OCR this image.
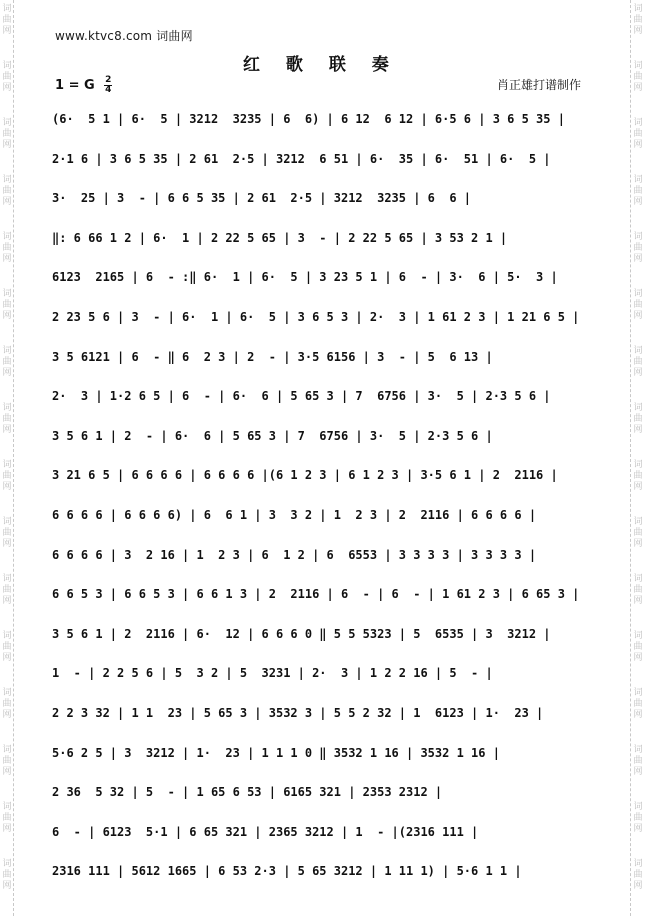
词
曲
网
词
曲
网
词
曲
网
词
曲
网
词
曲
网
词
曲
网
词
曲
网
词
曲
网
词
曲
网
词
曲
网
词
曲
网
词
曲
网
词
曲
网
词
曲
网
词
曲
网
词
曲
网
词
曲
网
词
曲
网
词
曲
网
词
曲
网
词
曲
网
词
曲
网
词
曲
网
词
曲
网
词
曲
网
词
曲
网
词
曲
网
词
曲
网
词
曲
网
词
曲
网
词
曲
网
词
曲
网
www.ktvc8.com 词曲网
红 歌 联 奏
1 = G $\frac{2}{4}$	肖正雄打谱制作
(6·  5 1 | 6·  5 | 3212  3235 | 6  6) | 6 12  6 12 | 6·5 6 | 3 6 5 35 |
2·1 6 | 3 6 5 35 | 2 61  2·5 | 3212  6 51 | 6·  35 | 6·  51 | 6·  5 |
3·  25 | 3  - | 6 6 5 35 | 2 61  2·5 | 3212  3235 | 6  6 |
‖: 6 66 1 2 | 6·  1 | 2 22 5 65 | 3  - | 2 22 5 65 | 3 53 2 1 |
6123  2165 | 6  - :‖ 6·  1 | 6·  5 | 3 23 5 1 | 6  - | 3·  6 | 5·  3 |
2 23 5 6 | 3  - | 6·  1 | 6·  5 | 3 6 5 3 | 2·  3 | 1 61 2 3 | 1 21 6 5 |
3 5 6121 | 6  - ‖ 6  2 3 | 2  - | 3·5 6156 | 3  - | 5  6 13 |
2·  3 | 1·2 6 5 | 6  - | 6·  6 | 5 65 3 | 7  6756 | 3·  5 | 2·3 5 6 |
3 5 6 1 | 2  - | 6·  6 | 5 65 3 | 7  6756 | 3·  5 | 2·3 5 6 |
3 21 6 5 | 6 6 6 6 | 6 6 6 6 |(6 1 2 3 | 6 1 2 3 | 3·5 6 1 | 2  2116 |
6 6 6 6 | 6 6 6 6) | 6  6 1 | 3  3 2 | 1  2 3 | 2  2116 | 6 6 6 6 |
6 6 6 6 | 3  2 16 | 1  2 3 | 6  1 2 | 6  6553 | 3 3 3 3 | 3 3 3 3 |
6 6 5 3 | 6 6 5 3 | 6 6 1 3 | 2  2116 | 6  - | 6  - | 1 61 2 3 | 6 65 3 |
3 5 6 1 | 2  2116 | 6·  12 | 6 6 6 0 ‖ 5 5 5323 | 5  6535 | 3  3212 |
1  - | 2 2 5 6 | 5  3 2 | 5  3231 | 2·  3 | 1 2 2 16 | 5  - |
2 2 3 32 | 1 1  23 | 5 65 3 | 3532 3 | 5 5 2 32 | 1  6123 | 1·  23 |
5·6 2 5 | 3  3212 | 1·  23 | 1 1 1 0 ‖ 3532 1 16 | 3532 1 16 |
2 36  5 32 | 5  - | 1 65 6 53 | 6165 321 | 2353 2312 |
6  - | 6123  5·1 | 6 65 321 | 2365 3212 | 1  - |(2316 111 |
2316 111 | 5612 1665 | 6 53 2·3 | 5 65 3212 | 1 11 1) | 5·6 1 1 |
